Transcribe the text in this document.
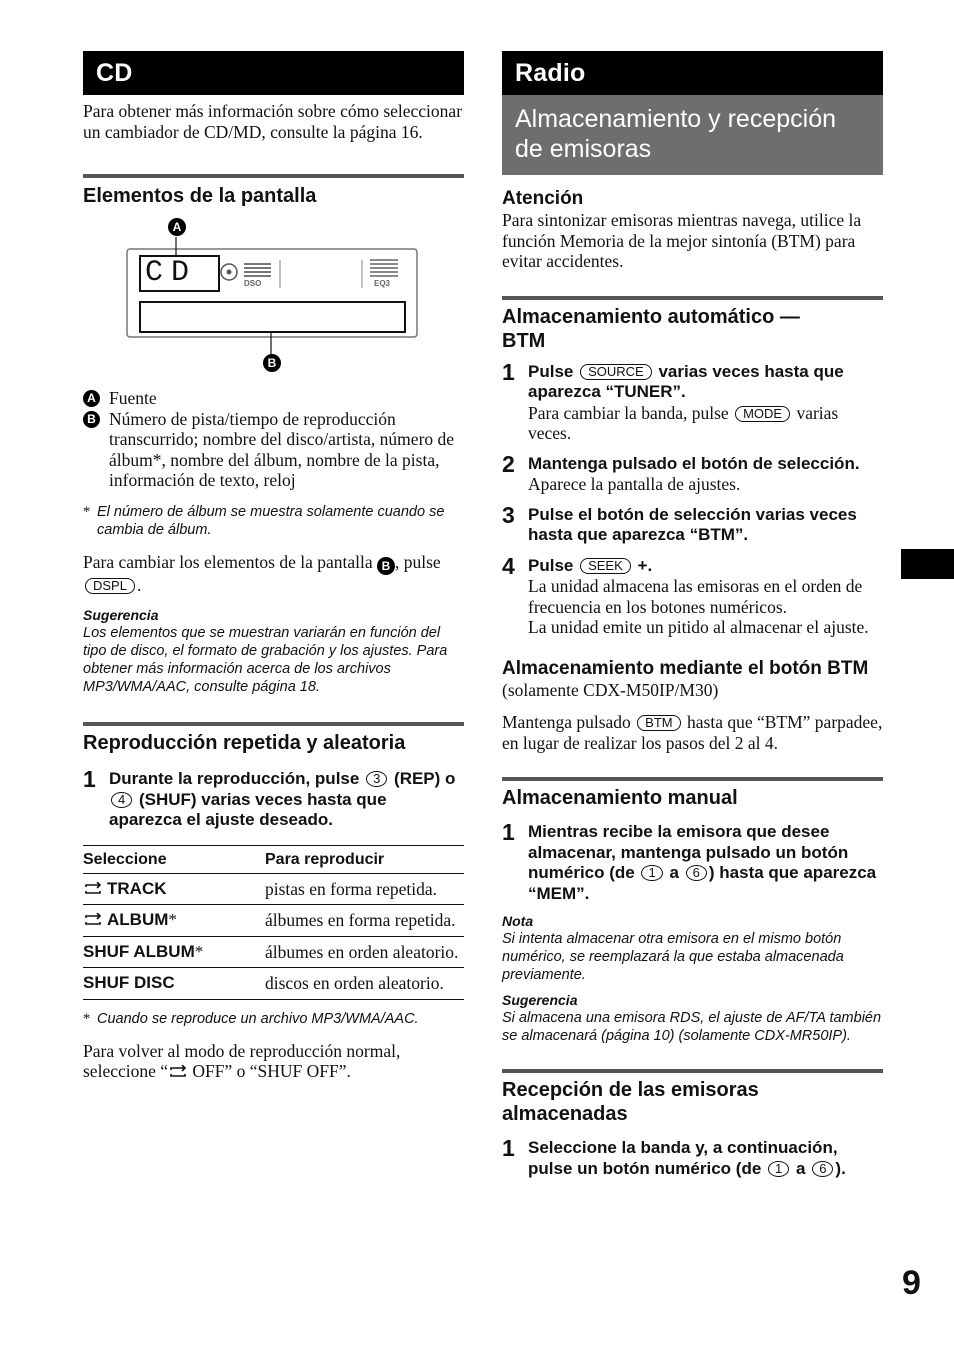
CD

Para obtener más información sobre cómo seleccionar un cambiador de CD/MD, consulte la página 16.

Elementos de la pantalla
CD	DSO	EQ3
A
B
A Fuente
B Número de pista/tiempo de reproducción transcurrido; nombre del disco/artista, número de álbum*, nombre del álbum, nombre de la pista, información de texto, reloj
* El número de álbum se muestra solamente cuando se cambia de álbum.

Para cambiar los elementos de la pantalla B , pulse DSPL .

Sugerencia

Los elementos que se muestran variarán en función del tipo de disco, el formato de grabación y los ajustes. Para obtener más información acerca de los archivos MP3/WMA/AAC, consulte página 18.

Reproducción repetida y aleatoria
1 Durante la reproducción, pulse 3 (REP) o 4 (SHUF) varias veces hasta que aparezca el ajuste deseado.
Seleccione	Para reproducir
TRACK	pistas en forma repetida.
ALBUM*	álbumes en forma repetida.
SHUF ALBUM*	álbumes en orden aleatorio.
SHUF DISC	discos en orden aleatorio.
* Cuando se reproduce un archivo MP3/WMA/AAC.

Para volver al modo de reproducción normal, seleccione “ OFF” o “SHUF OFF”.

Radio
Almacenamiento y recepción de emisoras
Atención

Para sintonizar emisoras mientras navega, utilice la función Memoria de la mejor sintonía (BTM) para evitar accidentes.

Almacenamiento automático — BTM
1 Pulse SOURCE varias veces hasta que aparezca “TUNER”.

Para cambiar la banda, pulse MODE varias veces.

2 Mantenga pulsado el botón de selección.

Aparece la pantalla de ajustes.

3 Pulse el botón de selección varias veces hasta que aparezca “BTM”.
4 Pulse SEEK +.

La unidad almacena las emisoras en el orden de frecuencia en los botones numéricos.

La unidad emite un pitido al almacenar el ajuste.

Almacenamiento mediante el botón BTM

(solamente CDX-M50IP/M30)

Mantenga pulsado BTM hasta que “BTM” parpadee, en lugar de realizar los pasos del 2 al 4.

Almacenamiento manual
1 Mientras recibe la emisora que desee almacenar, mantenga pulsado un botón numérico (de 1 a 6 ) hasta que aparezca “MEM”.
Nota

Si intenta almacenar otra emisora en el mismo botón numérico, se reemplazará la que estaba almacenada previamente.

Sugerencia

Si almacena una emisora RDS, el ajuste de AF/TA también se almacenará (página 10) (solamente CDX-MR50IP).

Recepción de las emisoras almacenadas
1 Seleccione la banda y, a continuación, pulse un botón numérico (de 1 a 6 ).
9
